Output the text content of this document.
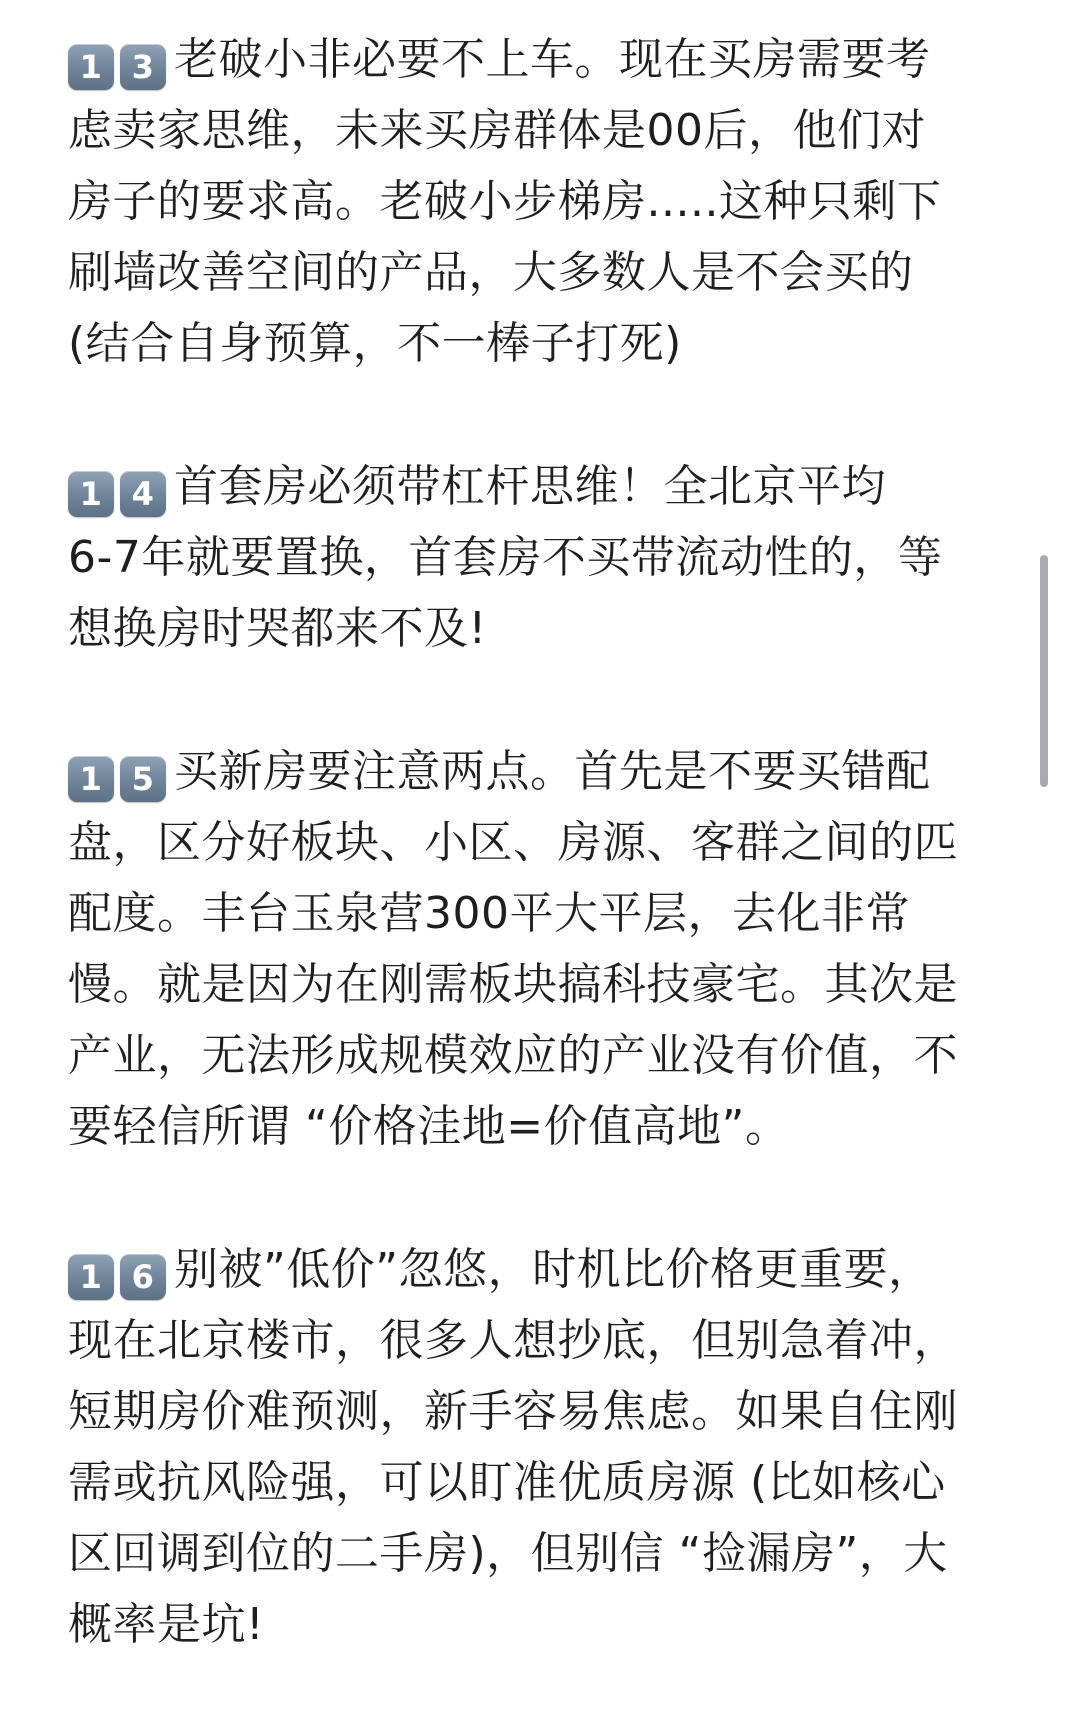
1 3 老破小非必要不上车。现在买房需要考
虑卖家思维，未来买房群体是00后，他们对
房子的要求高。老破小步梯房.....这种只剩下
刷墙改善空间的产品，大多数人是不会买的
(结合自身预算，不一棒子打死)
1 4 首套房必须带杠杆思维！全北京平均
6-7年就要置换，首套房不买带流动性的，等
想换房时哭都来不及!
1 5 买新房要注意两点。首先是不要买错配
盘，区分好板块、小区、房源、客群之间的匹
配度。丰台玉泉营300平大平层，去化非常
慢。就是因为在刚需板块搞科技豪宅。其次是
产业，无法形成规模效应的产业没有价值，不
要轻信所谓 “价格洼地=价值高地”。
1 6 别被”低价”忽悠，时机比价格更重要，
现在北京楼市，很多人想抄底，但别急着冲，
短期房价难预测，新手容易焦虑。如果自住刚
需或抗风险强，可以盯准优质房源 (比如核心
区回调到位的二手房)，但别信 “捡漏房”，大
概率是坑!
